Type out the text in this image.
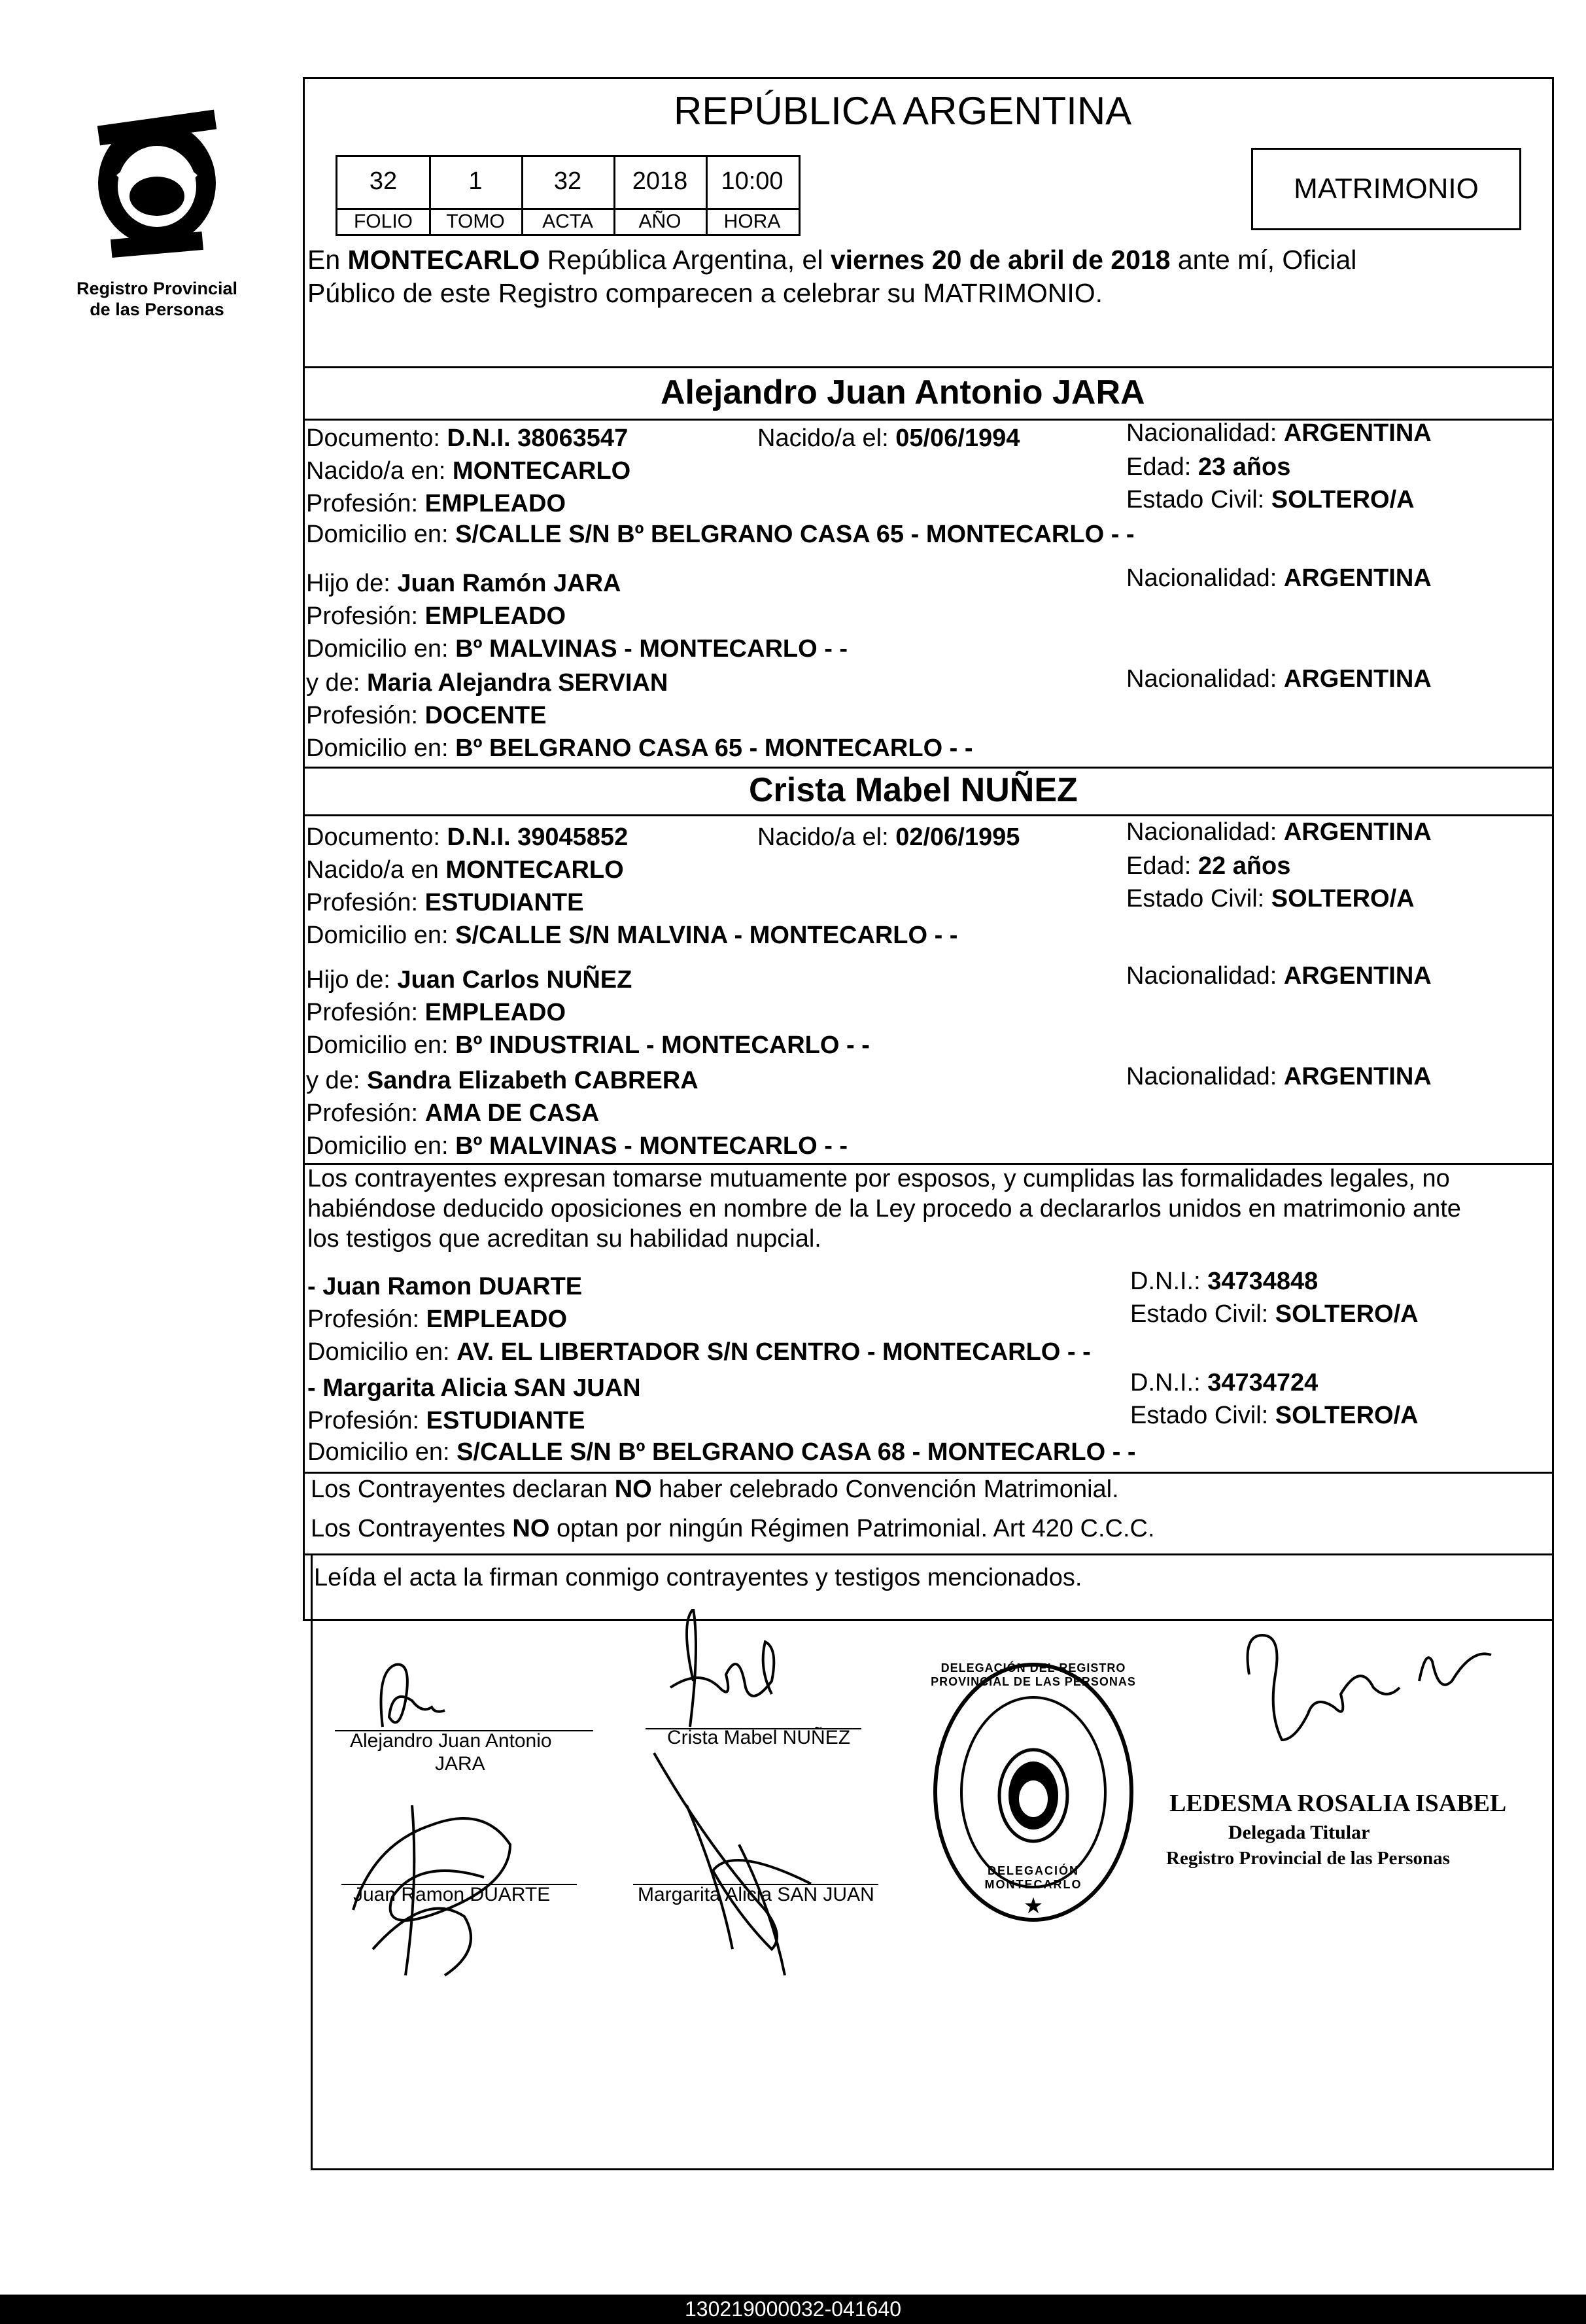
Registro Provincial
de las Personas
REPÚBLICA ARGENTINA
32	1	32	2018	10:00
FOLIO	TOMO	ACTA	AÑO	HORA
MATRIMONIO
En MONTECARLO República Argentina, el viernes 20 de abril de 2018 ante mí, Oficial
Público de este Registro comparecen a celebrar su MATRIMONIO.
Alejandro Juan Antonio JARA
Documento: D.N.I. 38063547	Nacido/a el: 05/06/1994	Nacionalidad: ARGENTINA
Nacido/a en: MONTECARLO	Edad: 23 años
Profesión: EMPLEADO	Estado Civil: SOLTERO/A
Domicilio en: S/CALLE S/N Bº BELGRANO CASA 65 - MONTECARLO - -
Hijo de: Juan Ramón JARA	Nacionalidad: ARGENTINA
Profesión: EMPLEADO
Domicilio en: Bº MALVINAS - MONTECARLO - -
y de: Maria Alejandra SERVIAN	Nacionalidad: ARGENTINA
Profesión: DOCENTE
Domicilio en: Bº BELGRANO CASA 65 - MONTECARLO - -
Crista Mabel NUÑEZ
Documento: D.N.I. 39045852	Nacido/a el: 02/06/1995	Nacionalidad: ARGENTINA
Nacido/a en MONTECARLO	Edad: 22 años
Profesión: ESTUDIANTE	Estado Civil: SOLTERO/A
Domicilio en: S/CALLE S/N MALVINA - MONTECARLO - -
Hijo de: Juan Carlos NUÑEZ	Nacionalidad: ARGENTINA
Profesión: EMPLEADO
Domicilio en: Bº INDUSTRIAL - MONTECARLO - -
y de: Sandra Elizabeth CABRERA	Nacionalidad: ARGENTINA
Profesión: AMA DE CASA
Domicilio en: Bº MALVINAS - MONTECARLO - -
Los contrayentes expresan tomarse mutuamente por esposos, y cumplidas las formalidades legales, no
habiéndose deducido oposiciones en nombre de la Ley procedo a declararlos unidos en matrimonio ante
los testigos que acreditan su habilidad nupcial.
- Juan Ramon DUARTE	D.N.I.: 34734848
Profesión: EMPLEADO	Estado Civil: SOLTERO/A
Domicilio en: AV. EL LIBERTADOR S/N CENTRO - MONTECARLO - -
- Margarita Alicia SAN JUAN	D.N.I.: 34734724
Profesión: ESTUDIANTE	Estado Civil: SOLTERO/A
Domicilio en: S/CALLE S/N Bº BELGRANO CASA 68 - MONTECARLO - -
Los Contrayentes declaran NO haber celebrado Convención Matrimonial.
Los Contrayentes NO optan por ningún Régimen Patrimonial. Art 420 C.C.C.
Leída el acta la firman conmigo contrayentes y testigos mencionados.
Alejandro Juan Antonio
JARA
Crista Mabel NUÑEZ
Juan Ramon DUARTE	Margarita Alicia SAN JUAN	★
DELEGACIÓN DEL REGISTRO PROVINCIAL DE LAS PERSONAS
DELEGACIÓN MONTECARLO
LEDESMA ROSALIA ISABEL
Delegada Titular
Registro Provincial de las Personas
130219000032-041640
